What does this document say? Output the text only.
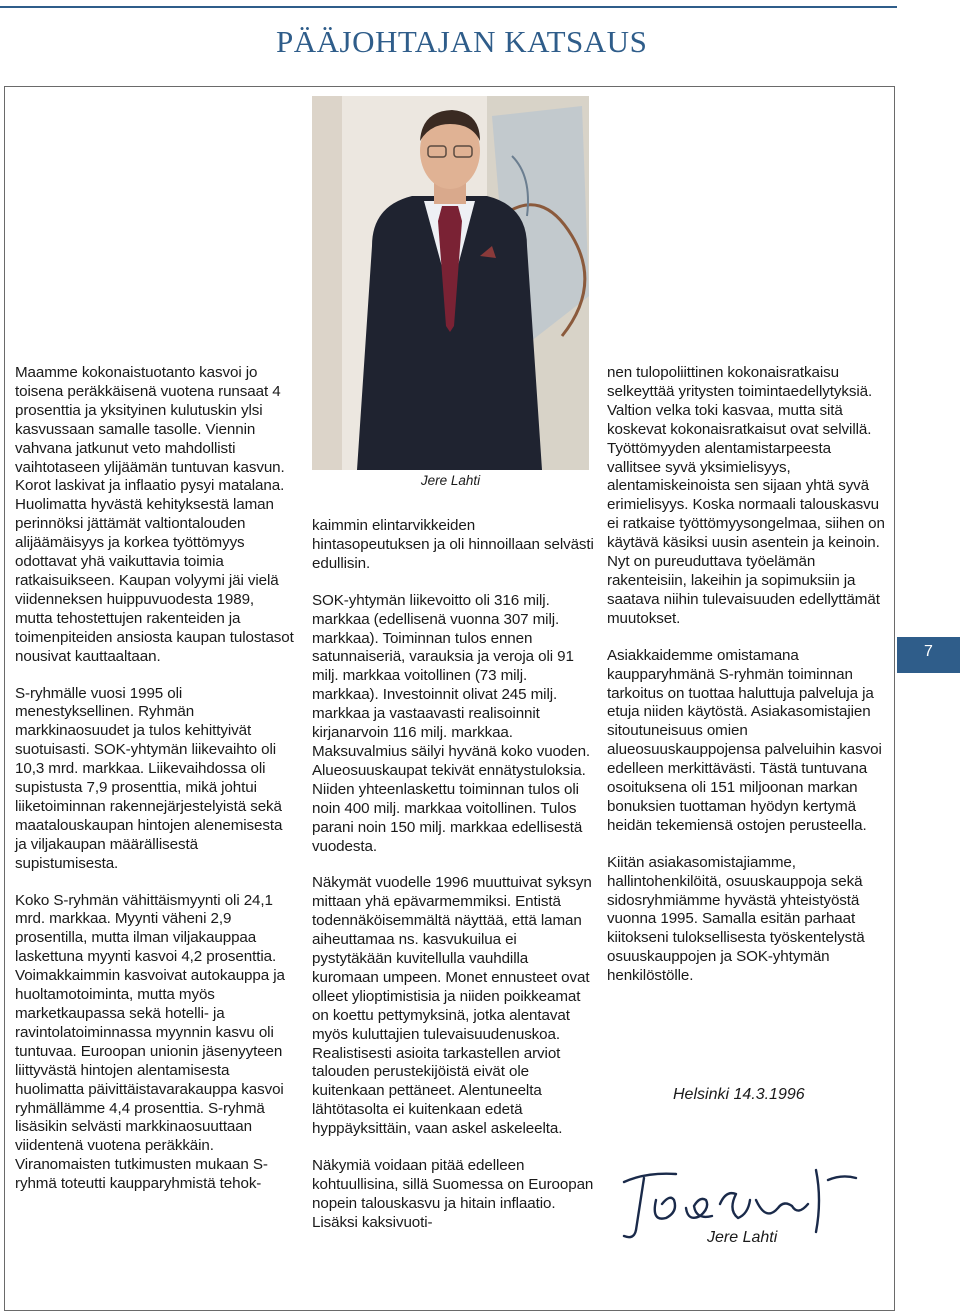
PÄÄJOHTAJAN KATSAUS

Maamme kokonaistuotanto kasvoi jo toisena peräkkäisenä vuotena runsaat 4 prosenttia ja yksityinen kulutuskin ylsi kasvussaan samalle tasolle. Viennin vahvana jatkunut veto mahdollisti vaihtotaseen ylijäämän tuntuvan kasvun. Korot laskivat ja inflaatio pysyi matalana. Huolimatta hyvästä kehityksestä laman perinnöksi jättämät valtiontalouden alijäämäisyys ja korkea työttömyys odottavat yhä vaikuttavia toimia ratkaisuikseen. Kaupan volyymi jäi vielä viidenneksen huippuvuodesta 1989, mutta tehostettujen rakenteiden ja toimenpiteiden ansiosta kaupan tulostasot nousivat kauttaaltaan.

S-ryhmälle vuosi 1995 oli menestyksellinen. Ryhmän markkinaosuudet ja tulos kehittyivät suotuisasti. SOK-yhtymän liikevaihto oli 10,3 mrd. markkaa. Liikevaihdossa oli supistusta 7,9 prosenttia, mikä johtui liiketoiminnan rakennejärjestelyistä sekä maatalouskaupan hintojen alenemisesta ja viljakaupan määrällisestä supistumisesta.

Koko S-ryhmän vähittäismyynti oli 24,1 mrd. markkaa. Myynti väheni 2,9 prosentilla, mutta ilman viljakauppaa laskettuna myynti kasvoi 4,2 prosenttia. Voimakkaimmin kasvoivat autokauppa ja huoltamotoiminta, mutta myös marketkaupassa sekä hotelli- ja ravintolatoiminnassa myynnin kasvu oli tuntuvaa. Euroopan unionin jäsenyyteen liittyvästä hintojen alentamisesta huolimatta päivittäistavarakauppa kasvoi ryhmällämme 4,4 prosenttia. S-ryhmä lisäsikin selvästi markkinaosuuttaan viidentenä vuotena peräkkäin. Viranomaisten tutkimusten mukaan S-ryhmä toteutti kaupparyhmistä tehok-

Jere Lahti

kaimmin elintarvikkeiden hintasopeutuksen ja oli hinnoillaan selvästi edullisin.

SOK-yhtymän liikevoitto oli 316 milj. markkaa (edellisenä vuonna 307 milj. markkaa). Toiminnan tulos ennen satunnaiseriä, varauksia ja veroja oli 91 milj. markkaa voitollinen (73 milj. markkaa). Investoinnit olivat 245 milj. markkaa ja vastaavasti realisoinnit kirjanarvoin 116 milj. markkaa. Maksuvalmius säilyi hyvänä koko vuoden. Alueosuuskaupat tekivät ennätystuloksia. Niiden yhteenlaskettu toiminnan tulos oli noin 400 milj. markkaa voitollinen. Tulos parani noin 150 milj. markkaa edellisestä vuodesta.

Näkymät vuodelle 1996 muuttuivat syksyn mittaan yhä epävarmemmiksi. Entistä todennäköisemmältä näyttää, että laman aiheuttamaa ns. kasvukuilua ei pystytäkään kuvitellulla vauhdilla kuromaan umpeen. Monet ennusteet ovat olleet ylioptimistisia ja niiden poikkeamat on koettu pettymyksinä, jotka alentavat myös kuluttajien tulevaisuudenuskoa. Realistisesti asioita tarkastellen arviot talouden perustekijöistä eivät ole kuitenkaan pettäneet. Alentuneelta lähtötasolta ei kuitenkaan edetä hyppäyksittäin, vaan askel askeleelta.

Näkymiä voidaan pitää edelleen kohtuullisina, sillä Suomessa on Euroopan nopein talouskasvu ja hitain inflaatio. Lisäksi kaksivuoti-

nen tulopoliittinen kokonaisratkaisu selkeyttää yritysten toimintaedellytyksiä. Valtion velka toki kasvaa, mutta sitä koskevat kokonaisratkaisut ovat selvillä. Työttömyyden alentamistarpeesta vallitsee syvä yksimielisyys, alentamiskeinoista sen sijaan yhtä syvä erimielisyys. Koska normaali talouskasvu ei ratkaise työttömyysongelmaa, siihen on käytävä käsiksi uusin asentein ja keinoin. Nyt on pureuduttava työelämän rakenteisiin, lakeihin ja sopimuksiin ja saatava niihin tulevaisuuden edellyttämät muutokset.

Asiakkaidemme omistamana kaupparyhmänä S-ryhmän toiminnan tarkoitus on tuottaa haluttuja palveluja ja etuja niiden käytöstä. Asiakasomistajien sitoutuneisuus omien alueosuuskauppojensa palveluihin kasvoi edelleen merkittävästi. Tästä tuntuvana osoituksena oli 151 miljoonan markan bonuksien tuottaman hyödyn kertymä heidän tekemiensä ostojen perusteella.

Kiitän asiakasomistajiamme, hallintohenkilöitä, osuuskauppoja sekä sidosryhmiämme hyvästä yhteistyöstä vuonna 1995. Samalla esitän parhaat kiitokseni tuloksellisesta työskentelystä osuuskauppojen ja SOK-yhtymän henkilöstölle.

7
Helsinki 14.3.1996
Jere Lahti
